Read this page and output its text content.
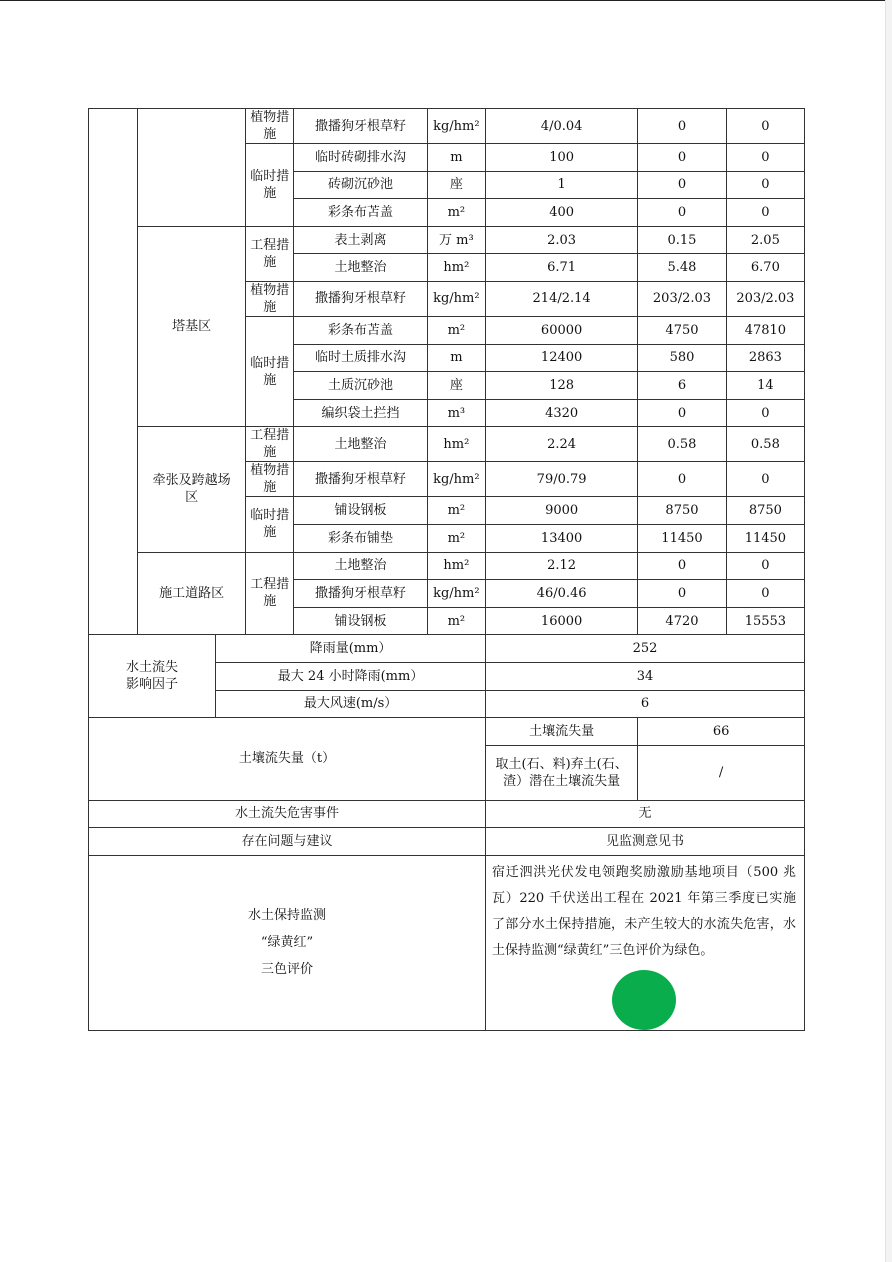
			植物措施	撒播狗牙根草籽	kg/hm²	4/0.04	0	0
			临时措施	临时砖砌排水沟	m	100	0	0
				砖砌沉砂池	座	1	0	0
				彩条布苫盖	m²	400	0	0
	塔基区		工程措施	表土剥离	万 m³	2.03	0.15	2.05
				土地整治	hm²	6.71	5.48	6.70
			植物措施	撒播狗牙根草籽	kg/hm²	214/2.14	203/2.03	203/2.03
			临时措施	彩条布苫盖	m²	60000	4750	47810
				临时土质排水沟	m	12400	580	2863
				土质沉砂池	座	128	6	14
				编织袋土拦挡	m³	4320	0	0
	牵张及跨越场
区		工程措施	土地整治	hm²	2.24	0.58	0.58
			植物措施	撒播狗牙根草籽	kg/hm²	79/0.79	0	0
			临时措施	铺设钢板	m²	9000	8750	8750
				彩条布铺垫	m²	13400	11450	11450
	施工道路区		工程措施	土地整治	hm²	2.12	0	0
				撒播狗牙根草籽	kg/hm²	46/0.46	0	0
				铺设钢板	m²	16000	4720	15553
水土流失
影响因子		降雨量(mm）				252		
		最大 24 小时降雨(mm）				34		
		最大风速(m/s）				6		
土壤流失量（t）						土壤流失量	66	
						取土(石、料)弃土(石、
渣）潜在土壤流失量	/	
水土流失危害事件						无		
存在问题与建议						见监测意见书		
水土保持监测
“绿黄红”
三色评价						宿迁泗洪光伏发电领跑奖励激励基地项目（500 兆瓦）220 千伏送出工程在 2021 年第三季度已实施了部分水土保持措施，未产生较大的水流失危害，水土保持监测“绿黄红”三色评价为绿色。		
